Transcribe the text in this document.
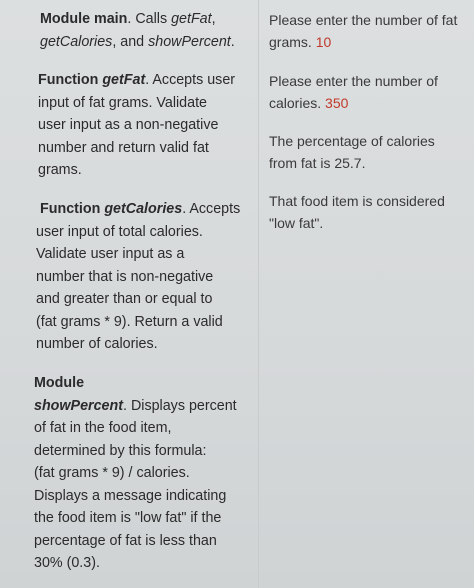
Module main. Calls getFat,
getCalories, and showPercent.

Function getFat. Accepts user
input of fat grams. Validate
user input as a non-negative
number and return valid fat
grams.

Function getCalories. Accepts
user input of total calories.
Validate user input as a
number that is non-negative
and greater than or equal to
(fat grams * 9). Return a valid
number of calories.

Module
showPercent. Displays percent
of fat in the food item,
determined by this formula:
(fat grams * 9) / calories.
Displays a message indicating
the food item is "low fat" if the
percentage of fat is less than
30% (0.3).

Please enter the number of fat
grams. 10

Please enter the number of
calories. 350

The percentage of calories
from fat is 25.7.

That food item is considered
"low fat".
